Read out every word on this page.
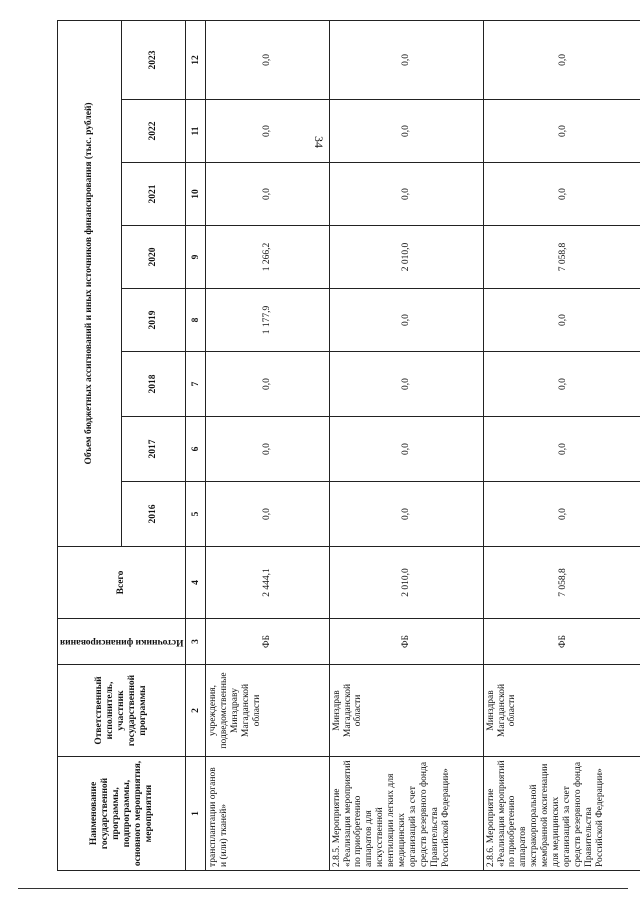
34
Наименование государственной программы, подпрограммы, основного мероприятия, мероприятия	Ответственный исполнитель, участник государственной программы	Источники финансирования	Всего	Объем бюджетных ассигнований и иных источников финансирования (тыс. рублей)							
				2016	2017	2018	2019	2020	2021	2022	2023
1	2	3	4	5	6	7	8	9	10	11	12
трансплантации органов и (или) тканей»	учреждения, подведомственные Минздраву Магаданской области	ФБ	2 444,1	0,0	0,0	0,0	1 177,9	1 266,2	0,0	0,0	0,0
2.8.5. Мероприятие «Реализация мероприятий по приобретению аппаратов для искусственной вентиляции легких для медицинских организаций за счет средств резервного фонда Правительства Российской Федерации»	Минздрав Магаданской области	ФБ	2 010,0	0,0	0,0	0,0	0,0	2 010,0	0,0	0,0	0,0
2.8.6. Мероприятие «Реализация мероприятий по приобретению аппаратов экстракорпоральной мембранной оксигенации для медицинских организаций за счет средств резервного фонда Правительства Российской Федерации»	Минздрав Магаданской области	ФБ	7 058,8	0,0	0,0	0,0	0,0	7 058,8	0,0	0,0	0,0
